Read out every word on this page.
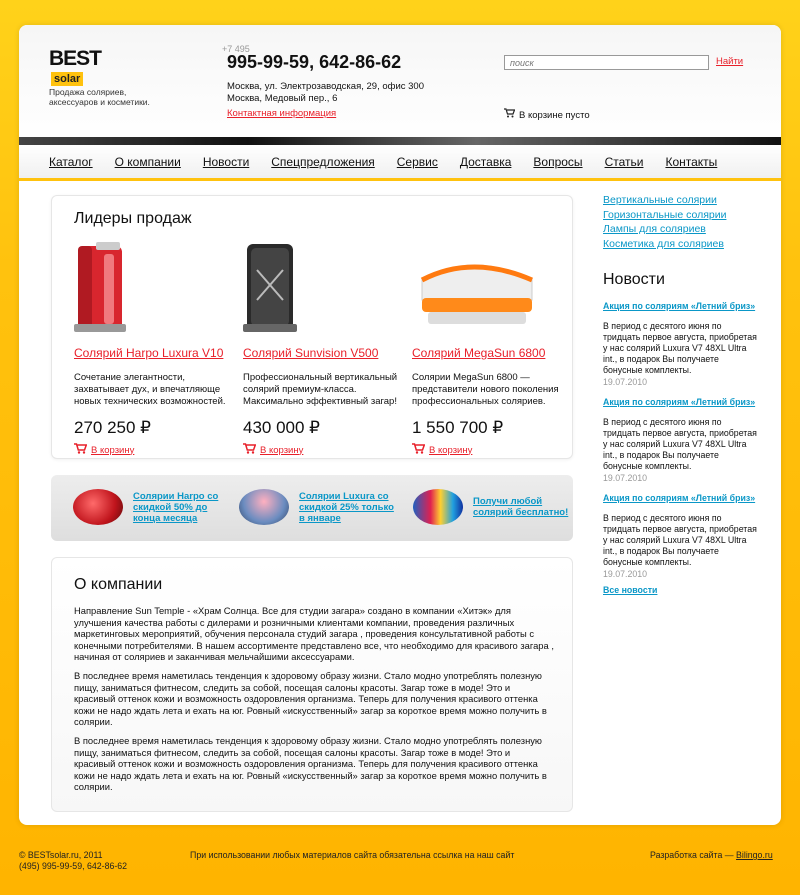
BEST
solar
Продажа соляриев, аксессуаров и косметики.
+7 495
995-99-59, 642-86-62
Москва, ул. Электрозаводская, 29, офис 300
Москва, Медовый пер., 6
Контактная информация
поиск
Найти
В корзине пусто
Каталог О компании Новости Спецпредложения Сервис Доставка Вопросы Статьи Контакты
Лидеры продаж
Солярий Harpo Luxura V10
Сочетание элегантности, захватывает дух, и впечатляюще новых технических возможностей.
270 250 ₽
В корзину
Солярий Sunvision V500
Профессиональный вертикальный солярий премиум-класса. Максимально эффективный загар!
430 000 ₽
В корзину
Солярий MegaSun 6800
Солярии MegaSun 6800 — представители нового поколения профессиональных соляриев.
1 550 700 ₽
В корзину
Солярии Harpo со скидкой 50% до конца месяца
Солярии Luxura со скидкой 25% только в январе
Получи любой солярий бесплатно!
О компании

Направление Sun Temple - «Храм Солнца. Все для студии загара» создано в компании «Хитэк» для улучшения качества работы с дилерами и розничными клиентами компании, проведения различных маркетинговых мероприятий, обучения персонала студий загара , проведения консультативной работы с конечными потребителями. В нашем ассортименте представлено все, что необходимо для красивого загара , начиная от соляриев и заканчивая мельчайшими аксессуарами.

В последнее время наметилась тенденция к здоровому образу жизни. Стало модно употреблять полезную пищу, заниматься фитнесом, следить за собой, посещая салоны красоты. Загар тоже в моде! Это и красивый оттенок кожи и возможность оздоровления организма. Теперь для получения красивого оттенка кожи не надо ждать лета и ехать на юг. Ровный «искусственный» загар за короткое время можно получить в солярии.

В последнее время наметилась тенденция к здоровому образу жизни. Стало модно употреблять полезную пищу, заниматься фитнесом, следить за собой, посещая салоны красоты. Загар тоже в моде! Это и красивый оттенок кожи и возможность оздоровления организма. Теперь для получения красивого оттенка кожи не надо ждать лета и ехать на юг. Ровный «искусственный» загар за короткое время можно получить в солярии.

Вертикальные солярии
Горизонтальные солярии
Лампы для соляриев
Косметика для соляриев
Новости
Акция по соляриям «Летний бриз»
В период с десятого июня по тридцать первое августа, приобретая у нас солярий Luxura V7 48XL Ultra int., в подарок Вы получаете бонусные комплекты.
19.07.2010
Акция по соляриям «Летний бриз»
В период с десятого июня по тридцать первое августа, приобретая у нас солярий Luxura V7 48XL Ultra int., в подарок Вы получаете бонусные комплекты.
19.07.2010
Акция по соляриям «Летний бриз»
В период с десятого июня по тридцать первое августа, приобретая у нас солярий Luxura V7 48XL Ultra int., в подарок Вы получаете бонусные комплекты.
19.07.2010
Все новости
© BESTsolar.ru, 2011
(495) 995-99-59, 642-86-62
При использовании любых материалов сайта обязательна ссылка на наш сайт	Разработка сайта — Bilingo.ru
